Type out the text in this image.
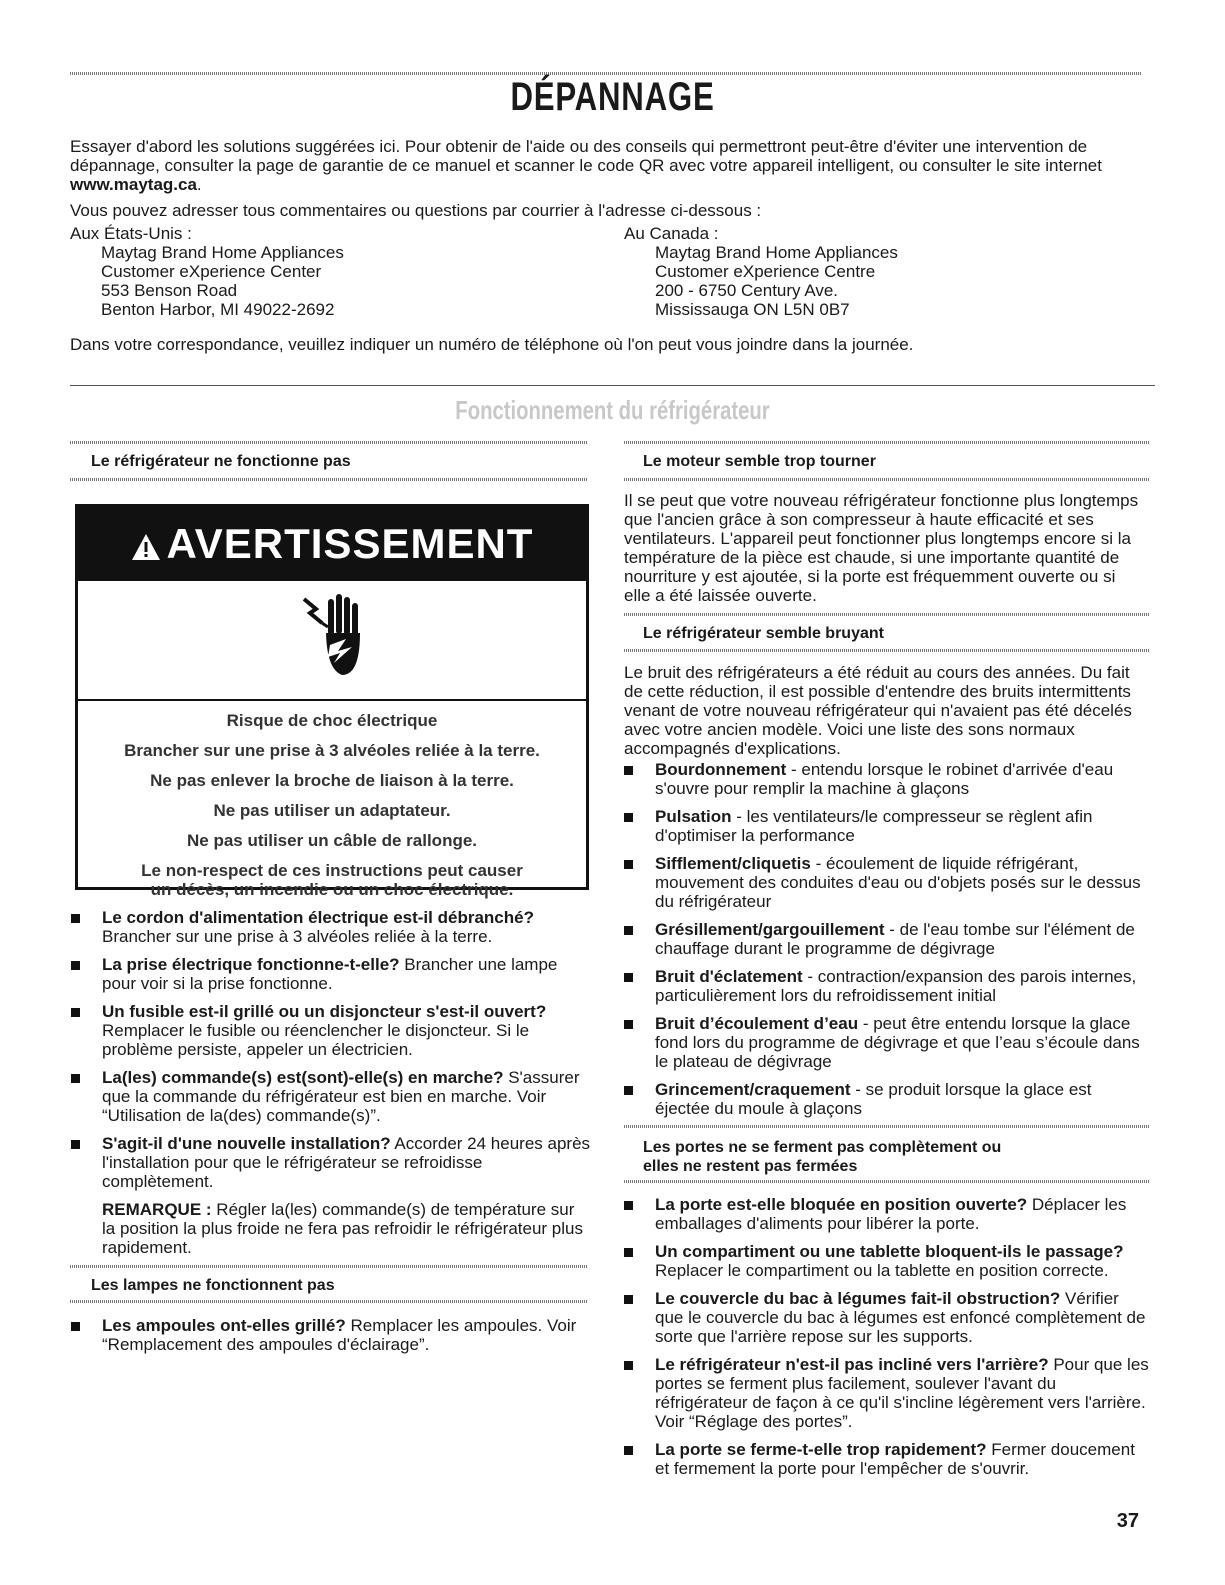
DÉPANNAGE

Essayer d'abord les solutions suggérées ici. Pour obtenir de l'aide ou des conseils qui permettront peut-être d'éviter une intervention de dépannage, consulter la page de garantie de ce manuel et scanner le code QR avec votre appareil intelligent, ou consulter le site internet www.maytag.ca.

Vous pouvez adresser tous commentaires ou questions par courrier à l'adresse ci-dessous :

Aux États-Unis :
Maytag Brand Home Appliances
Customer eXperience Center
553 Benson Road
Benton Harbor, MI 49022-2692
Au Canada :
Maytag Brand Home Appliances
Customer eXperience Centre
200 - 6750 Century Ave.
Mississauga ON L5N 0B7

Dans votre correspondance, veuillez indiquer un numéro de téléphone où l'on peut vous joindre dans la journée.

Fonctionnement du réfrigérateur
Le réfrigérateur ne fonctionne pas
AVERTISSEMENT

Risque de choc électrique

Brancher sur une prise à 3 alvéoles reliée à la terre.

Ne pas enlever la broche de liaison à la terre.

Ne pas utiliser un adaptateur.

Ne pas utiliser un câble de rallonge.

Le non-respect de ces instructions peut causer

un décès, un incendie ou un choc électrique.

Le cordon d'alimentation électrique est-il débranché? Brancher sur une prise à 3 alvéoles reliée à la terre.
La prise électrique fonctionne-t-elle? Brancher une lampe pour voir si la prise fonctionne.
Un fusible est-il grillé ou un disjoncteur s'est-il ouvert? Remplacer le fusible ou réenclencher le disjoncteur. Si le problème persiste, appeler un électricien.
La(les) commande(s) est(sont)-elle(s) en marche? S'assurer que la commande du réfrigérateur est bien en marche. Voir “Utilisation de la(des) commande(s)”.
S'agit-il d'une nouvelle installation? Accorder 24 heures après l'installation pour que le réfrigérateur se refroidisse complètement.

REMARQUE : Régler la(les) commande(s) de température sur la position la plus froide ne fera pas refroidir le réfrigérateur plus rapidement.

Les lampes ne fonctionnent pas
Les ampoules ont-elles grillé? Remplacer les ampoules. Voir “Remplacement des ampoules d'éclairage”.
Le moteur semble trop tourner

Il se peut que votre nouveau réfrigérateur fonctionne plus longtemps que l'ancien grâce à son compresseur à haute efficacité et ses ventilateurs. L'appareil peut fonctionner plus longtemps encore si la température de la pièce est chaude, si une importante quantité de nourriture y est ajoutée, si la porte est fréquemment ouverte ou si elle a été laissée ouverte.

Le réfrigérateur semble bruyant

Le bruit des réfrigérateurs a été réduit au cours des années. Du fait de cette réduction, il est possible d'entendre des bruits intermittents venant de votre nouveau réfrigérateur qui n'avaient pas été décelés avec votre ancien modèle. Voici une liste des sons normaux accompagnés d'explications.

Bourdonnement - entendu lorsque le robinet d'arrivée d'eau s'ouvre pour remplir la machine à glaçons
Pulsation - les ventilateurs/le compresseur se règlent afin d'optimiser la performance
Sifflement/cliquetis - écoulement de liquide réfrigérant, mouvement des conduites d'eau ou d'objets posés sur le dessus du réfrigérateur
Grésillement/gargouillement - de l'eau tombe sur l'élément de chauffage durant le programme de dégivrage
Bruit d'éclatement - contraction/expansion des parois internes, particulièrement lors du refroidissement initial
Bruit d’écoulement d’eau - peut être entendu lorsque la glace fond lors du programme de dégivrage et que l’eau s’écoule dans le plateau de dégivrage
Grincement/craquement - se produit lorsque la glace est éjectée du moule à glaçons
Les portes ne se ferment pas complètement ou
elles ne restent pas fermées
La porte est-elle bloquée en position ouverte? Déplacer les emballages d'aliments pour libérer la porte.
Un compartiment ou une tablette bloquent-ils le passage? Replacer le compartiment ou la tablette en position correcte.
Le couvercle du bac à légumes fait-il obstruction? Vérifier que le couvercle du bac à légumes est enfoncé complètement de sorte que l'arrière repose sur les supports.
Le réfrigérateur n'est-il pas incliné vers l'arrière? Pour que les portes se ferment plus facilement, soulever l'avant du réfrigérateur de façon à ce qu'il s'incline légèrement vers l'arrière. Voir “Réglage des portes”.
La porte se ferme-t-elle trop rapidement? Fermer doucement et fermement la porte pour l'empêcher de s'ouvrir.
37
